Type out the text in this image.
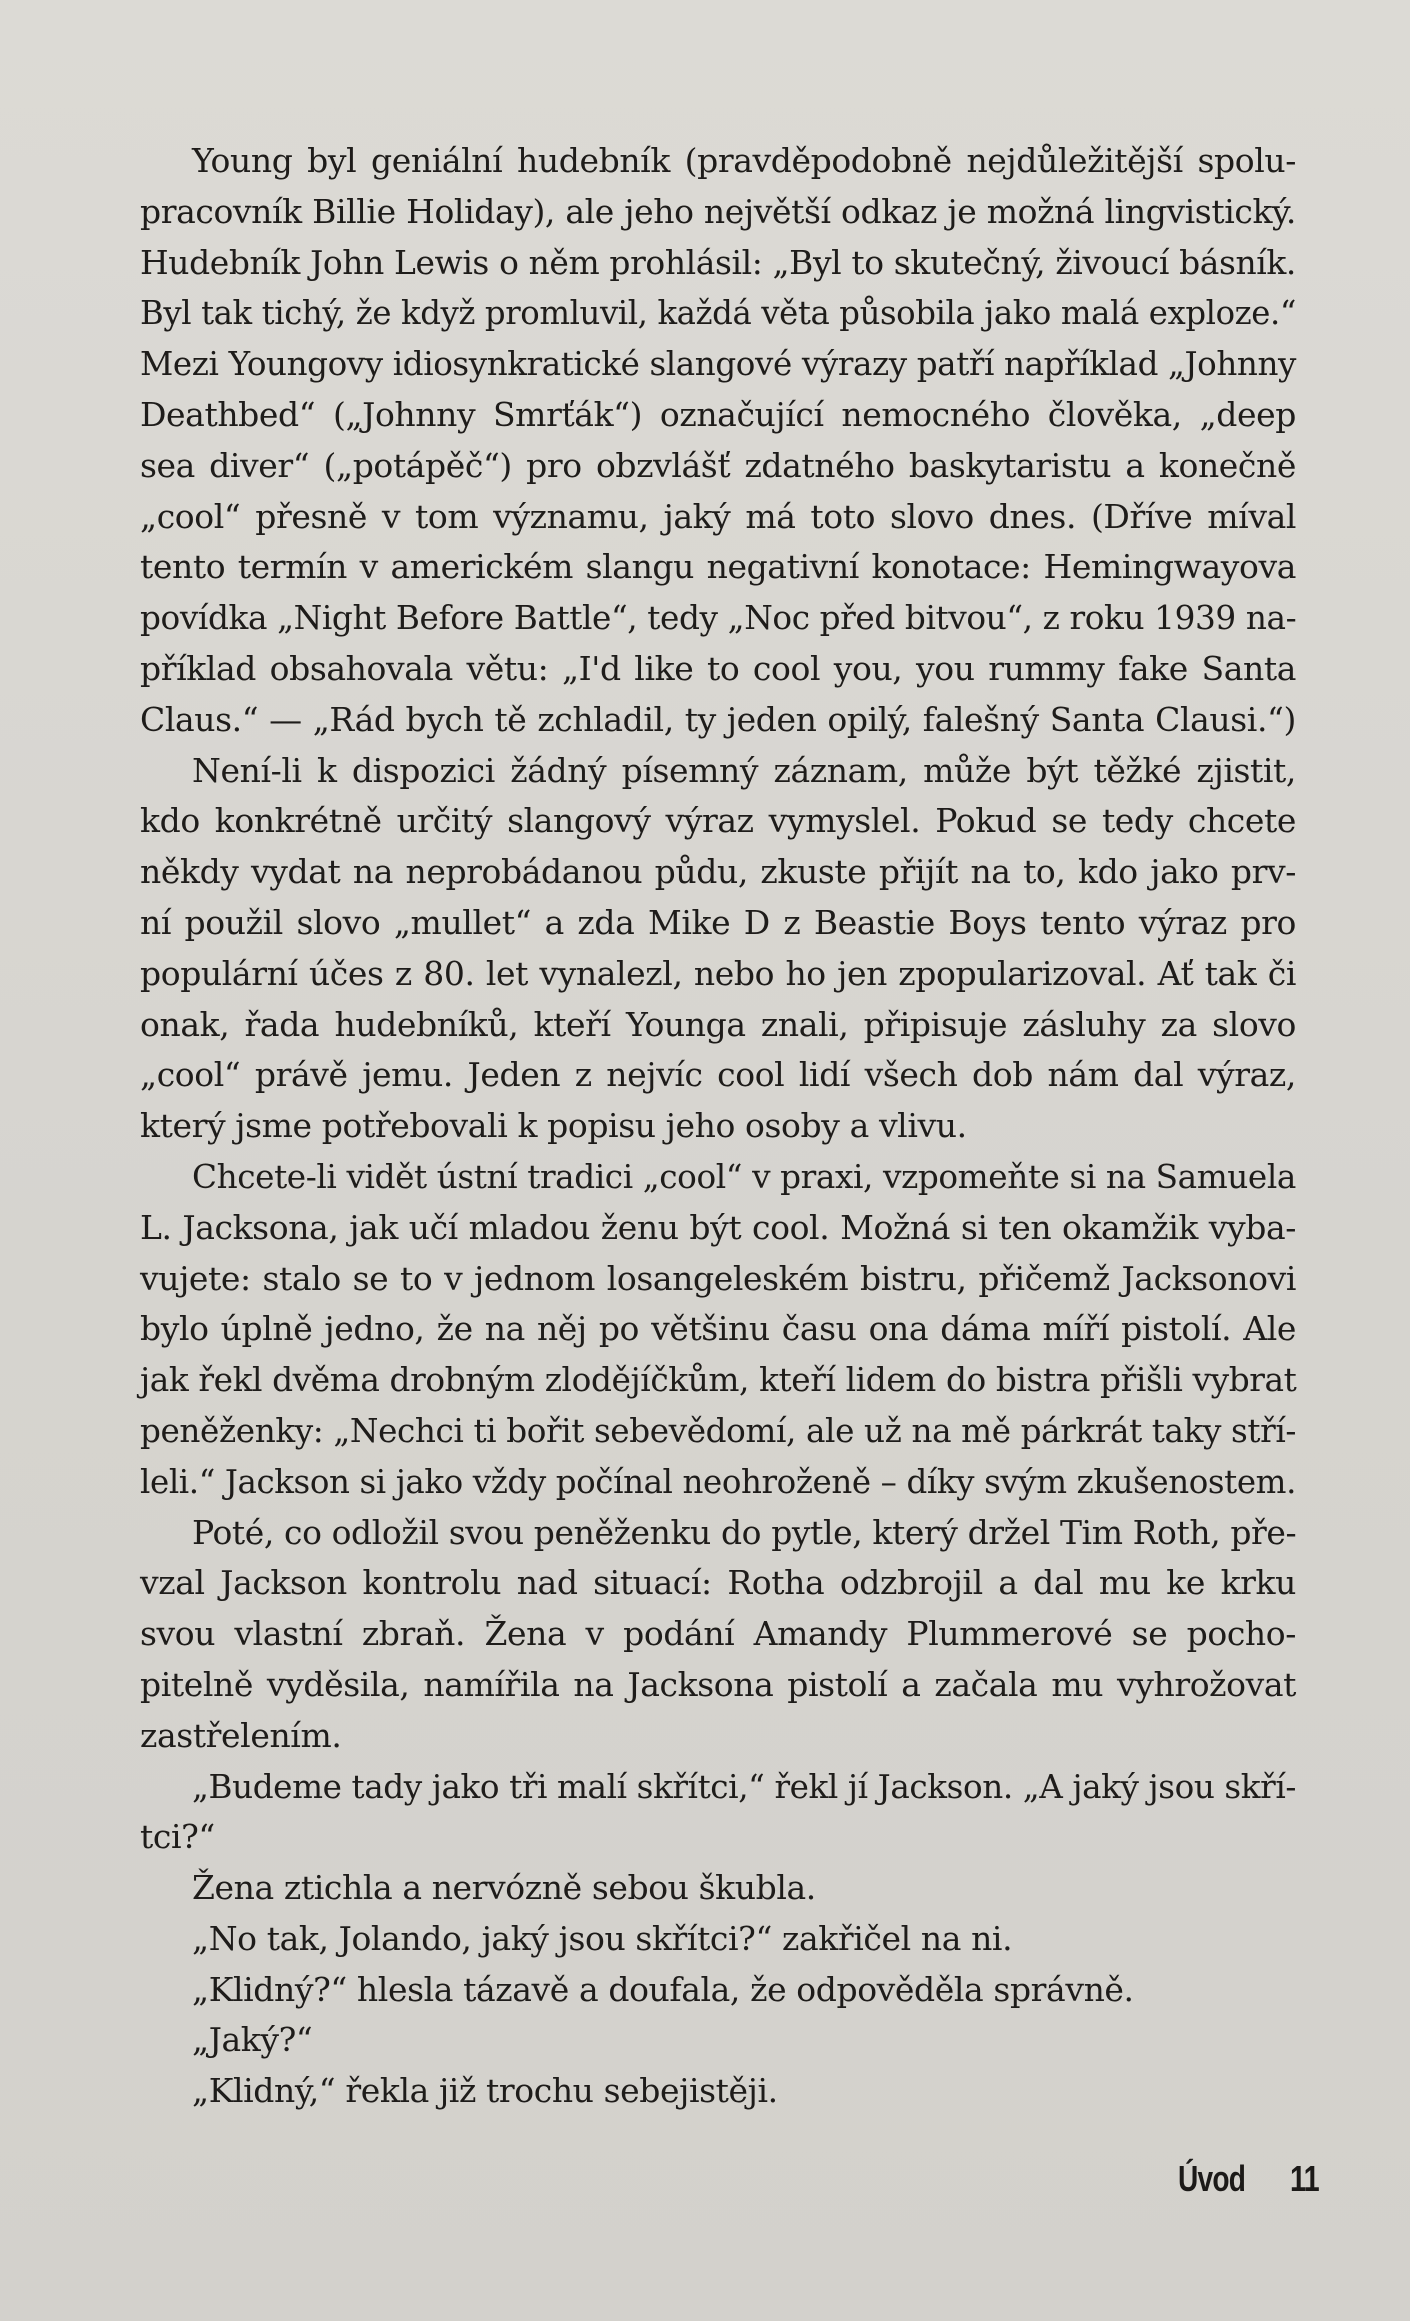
Young byl geniální hudebník (pravděpodobně nejdůležitější spolu-
pracovník Billie Holiday), ale jeho největší odkaz je možná lingvistický.
Hudebník John Lewis o něm prohlásil: „Byl to skutečný, živoucí básník.
Byl tak tichý, že když promluvil, každá věta působila jako malá exploze.“
Mezi Youngovy idiosynkratické slangové výrazy patří například „Johnny
Deathbed“ („Johnny Smrťák“) označující nemocného člověka, „deep
sea diver“ („potápěč“) pro obzvlášť zdatného baskytaristu a konečně
„cool“ přesně v tom významu, jaký má toto slovo dnes. (Dříve míval
tento termín v americkém slangu negativní konotace: Hemingwayova
povídka „Night Before Battle“, tedy „Noc před bitvou“, z roku 1939 na-
příklad obsahovala větu: „I'd like to cool you, you rummy fake Santa
Claus.“ — „Rád bych tě zchladil, ty jeden opilý, falešný Santa Clausi.“)
Není-li k dispozici žádný písemný záznam, může být těžké zjistit,
kdo konkrétně určitý slangový výraz vymyslel. Pokud se tedy chcete
někdy vydat na neprobádanou půdu, zkuste přijít na to, kdo jako prv-
ní použil slovo „mullet“ a zda Mike D z Beastie Boys tento výraz pro
populární účes z 80. let vynalezl, nebo ho jen zpopularizoval. Ať tak či
onak, řada hudebníků, kteří Younga znali, připisuje zásluhy za slovo
„cool“ právě jemu. Jeden z nejvíc cool lidí všech dob nám dal výraz,
který jsme potřebovali k popisu jeho osoby a vlivu.
Chcete-li vidět ústní tradici „cool“ v praxi, vzpomeňte si na Samuela
L. Jacksona, jak učí mladou ženu být cool. Možná si ten okamžik vyba-
vujete: stalo se to v jednom losangeleském bistru, přičemž Jacksonovi
bylo úplně jedno, že na něj po většinu času ona dáma míří pistolí. Ale
jak řekl dvěma drobným zlodějíčkům, kteří lidem do bistra přišli vybrat
peněženky: „Nechci ti bořit sebevědomí, ale už na mě párkrát taky stří-
leli.“ Jackson si jako vždy počínal neohroženě – díky svým zkušenostem.
Poté, co odložil svou peněženku do pytle, který držel Tim Roth, pře-
vzal Jackson kontrolu nad situací: Rotha odzbrojil a dal mu ke krku
svou vlastní zbraň. Žena v podání Amandy Plummerové se pocho-
pitelně vyděsila, namířila na Jacksona pistolí a začala mu vyhrožovat
zastřelením.
„Budeme tady jako tři malí skřítci,“ řekl jí Jackson. „A jaký jsou skří-
tci?“
Žena ztichla a nervózně sebou škubla.
„No tak, Jolando, jaký jsou skřítci?“ zakřičel na ni.
„Klidný?“ hlesla tázavě a doufala, že odpověděla správně.
„Jaký?“
„Klidný,“ řekla již trochu sebejistěji.
Úvod 11
